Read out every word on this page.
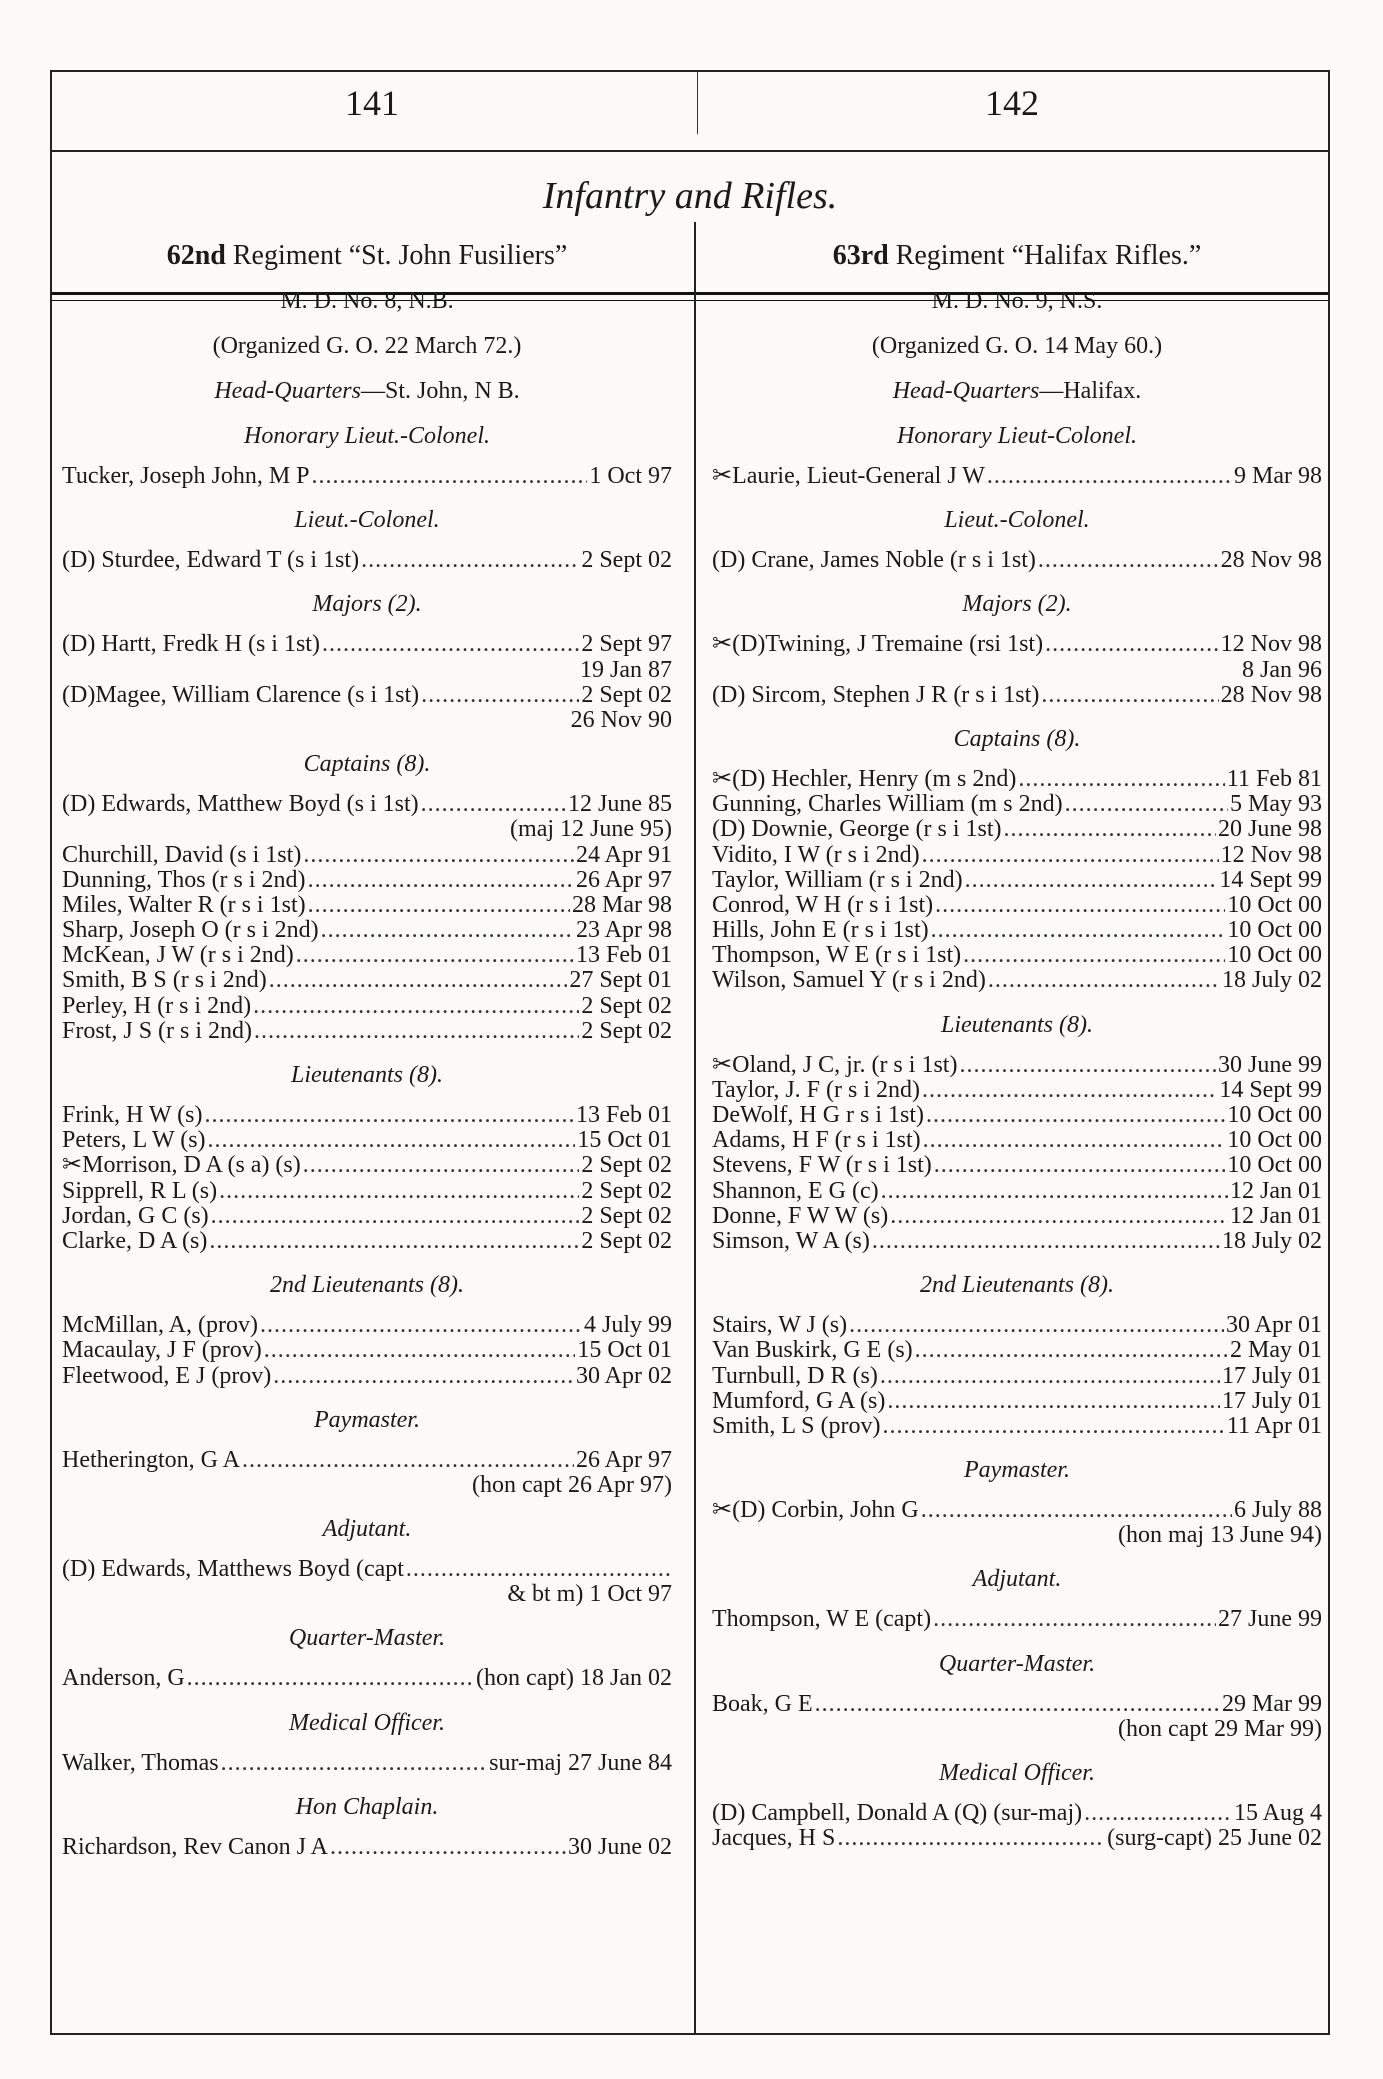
141	142
Infantry and Rifles.

62nd Regiment “St. John Fusiliers”

M. D. No. 8, N.B.

(Organized G. O. 22 March 72.)

Head-Quarters—St. John, N B.

Honorary Lieut.-Colonel.

Tucker, Joseph John, M P .....	1 Oct 97

Lieut.-Colonel.

(D) Sturdee, Edward T (s i 1st) .....	2 Sept 02

Majors (2).

(D) Hartt, Fredk H (s i 1st) .....	2 Sept 97
19 Jan 87
(D)Magee, William Clarence (s i 1st) .....	2 Sept 02
26 Nov 90

Captains (8).

(D) Edwards, Matthew Boyd (s i 1st) .....	12 June 85
(maj 12 June 95)
Churchill, David (s i 1st) .....	24 Apr 91
Dunning, Thos (r s i 2nd) .....	26 Apr 97
Miles, Walter R (r s i 1st) .....	28 Mar 98
Sharp, Joseph O (r s i 2nd) .....	23 Apr 98
McKean, J W (r s i 2nd) .....	13 Feb 01
Smith, B S (r s i 2nd) .....	27 Sept 01
Perley, H (r s i 2nd) .....	2 Sept 02
Frost, J S (r s i 2nd) .....	2 Sept 02

Lieutenants (8).

Frink, H W (s) .....	13 Feb 01
Peters, L W (s) .....	15 Oct 01
✂Morrison, D A (s a) (s) .....	2 Sept 02
Sipprell, R L (s) .....	2 Sept 02
Jordan, G C (s) .....	2 Sept 02
Clarke, D A (s) .....	2 Sept 02

2nd Lieutenants (8).

McMillan, A, (prov) .....	4 July 99
Macaulay, J F (prov) .....	15 Oct 01
Fleetwood, E J (prov) .....	30 Apr 02

Paymaster.

Hetherington, G A .....	26 Apr 97
(hon capt 26 Apr 97)

Adjutant.

(D) Edwards, Matthews Boyd (capt
.....
& bt m) 1 Oct 97

Quarter-Master.

Anderson, G .....	(hon capt) 18 Jan 02

Medical Officer.

Walker, Thomas .....	sur-maj 27 June 84

Hon Chaplain.

Richardson, Rev Canon J A .....	30 June 02

63rd Regiment “Halifax Rifles.”

M. D. No. 9, N.S.

(Organized G. O. 14 May 60.)

Head-Quarters—Halifax.

Honorary Lieut-Colonel.

✂Laurie, Lieut-General J W .....	9 Mar 98

Lieut.-Colonel.

(D) Crane, James Noble (r s i 1st) .....	28 Nov 98

Majors (2).

✂(D)Twining, J Tremaine (rsi 1st) .....	12 Nov 98
8 Jan 96
(D) Sircom, Stephen J R (r s i 1st) .....	28 Nov 98

Captains (8).

✂(D) Hechler, Henry (m s 2nd) .....	11 Feb 81
Gunning, Charles William (m s 2nd) .....	5 May 93
(D) Downie, George (r s i 1st) .....	20 June 98
Vidito, I W (r s i 2nd) .....	12 Nov 98
Taylor, William (r s i 2nd) .....	14 Sept 99
Conrod, W H (r s i 1st) .....	10 Oct 00
Hills, John E (r s i 1st) .....	10 Oct 00
Thompson, W E (r s i 1st) .....	10 Oct 00
Wilson, Samuel Y (r s i 2nd) .....	18 July 02

Lieutenants (8).

✂Oland, J C, jr. (r s i 1st) .....	30 June 99
Taylor, J. F (r s i 2nd) .....	14 Sept 99
DeWolf, H G r s i 1st) .....	10 Oct 00
Adams, H F (r s i 1st) .....	10 Oct 00
Stevens, F W (r s i 1st) .....	10 Oct 00
Shannon, E G (c) .....	12 Jan 01
Donne, F W W (s) .....	12 Jan 01
Simson, W A (s) .....	18 July 02

2nd Lieutenants (8).

Stairs, W J (s) .....	30 Apr 01
Van Buskirk, G E (s) .....	2 May 01
Turnbull, D R (s) .....	17 July 01
Mumford, G A (s) .....	17 July 01
Smith, L S (prov) .....	11 Apr 01

Paymaster.

✂(D) Corbin, John G .....	6 July 88
(hon maj 13 June 94)

Adjutant.

Thompson, W E (capt) .....	27 June 99

Quarter-Master.

Boak, G E .....	29 Mar 99
(hon capt 29 Mar 99)

Medical Officer.

(D) Campbell, Donald A (Q) (sur-maj) .....	15 Aug 4
Jacques, H S .....	(surg-capt) 25 June 02
